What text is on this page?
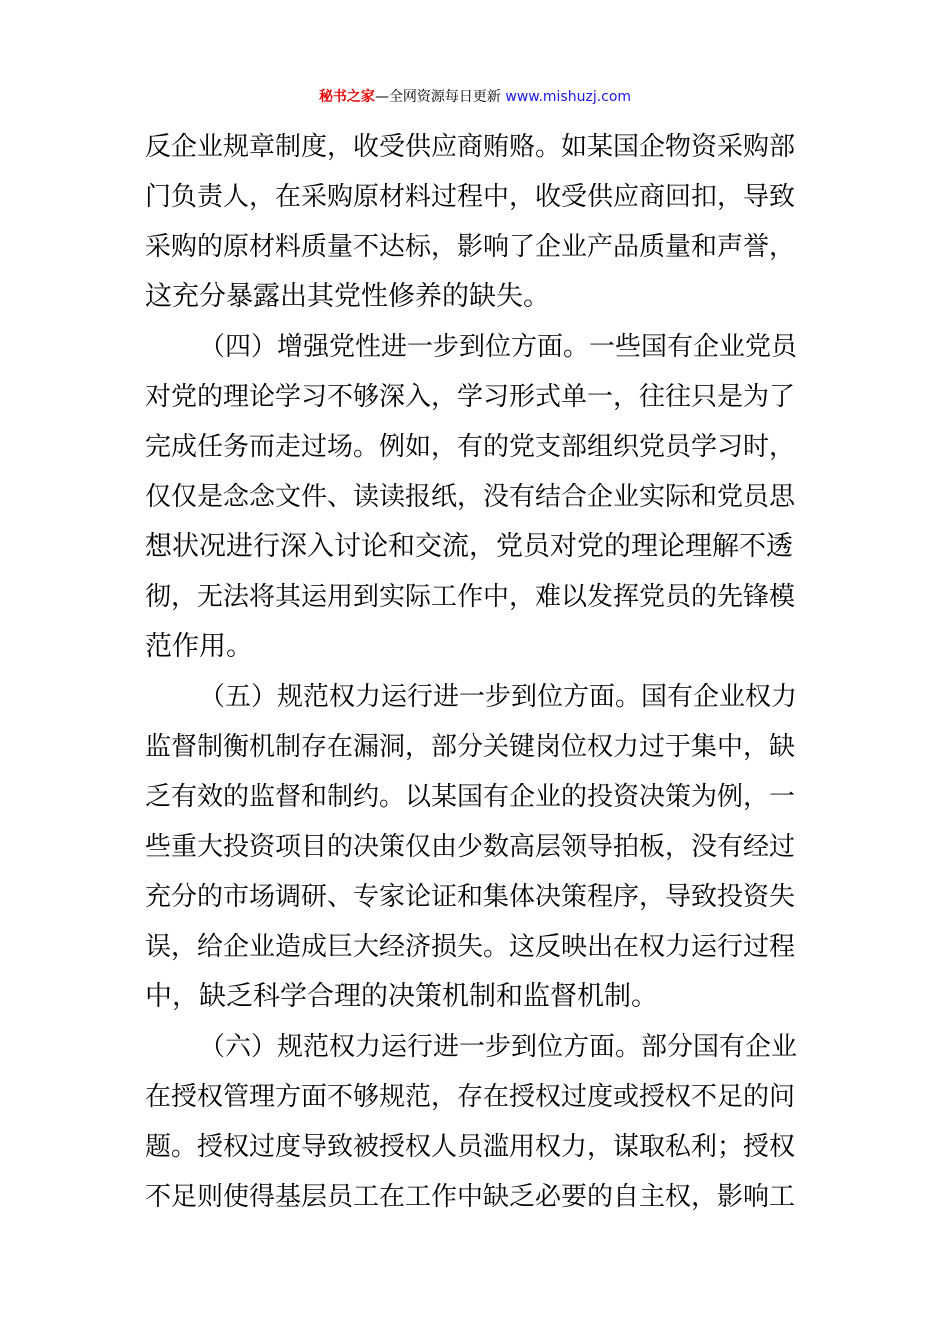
秘书之家—全网资源每日更新 www.mishuzj.com
反企业规章制度，收受供应商贿赂。如某国企物资采购部
门负责人，在采购原材料过程中，收受供应商回扣，导致
采购的原材料质量不达标，影响了企业产品质量和声誉，
这充分暴露出其党性修养的缺失。
（四）增强党性进一步到位方面。一些国有企业党员
对党的理论学习不够深入，学习形式单一，往往只是为了
完成任务而走过场。例如，有的党支部组织党员学习时，
仅仅是念念文件、读读报纸，没有结合企业实际和党员思
想状况进行深入讨论和交流，党员对党的理论理解不透
彻，无法将其运用到实际工作中，难以发挥党员的先锋模
范作用。
（五）规范权力运行进一步到位方面。国有企业权力
监督制衡机制存在漏洞，部分关键岗位权力过于集中，缺
乏有效的监督和制约。以某国有企业的投资决策为例，一
些重大投资项目的决策仅由少数高层领导拍板，没有经过
充分的市场调研、专家论证和集体决策程序，导致投资失
误，给企业造成巨大经济损失。这反映出在权力运行过程
中，缺乏科学合理的决策机制和监督机制。
（六）规范权力运行进一步到位方面。部分国有企业
在授权管理方面不够规范，存在授权过度或授权不足的问
题。授权过度导致被授权人员滥用权力，谋取私利；授权
不足则使得基层员工在工作中缺乏必要的自主权，影响工
